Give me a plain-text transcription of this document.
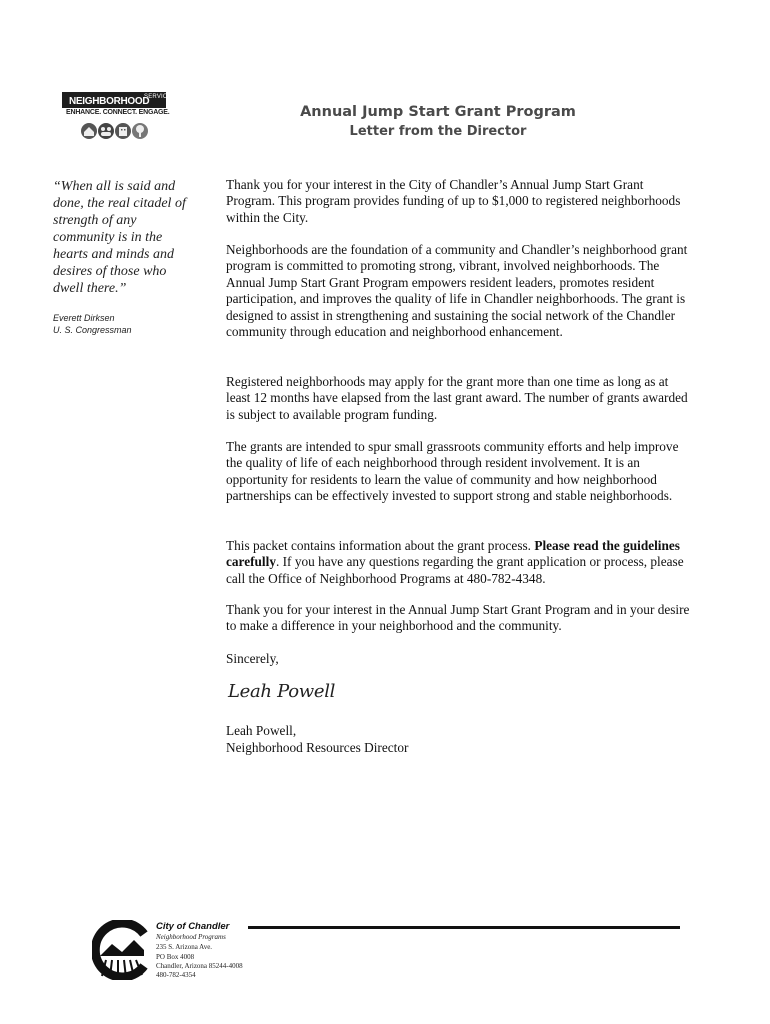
NEIGHBORHOOD
SERVICES
ENHANCE. CONNECT. ENGAGE.	Annual Jump Start Grant Program
Letter from the Director
“When all is said and done, the real citadel of strength of any community is in the hearts and minds and desires of those who dwell there.”
Everett Dirksen
U. S. Congressman

Thank you for your interest in the City of Chandler’s Annual Jump Start Grant Program. This program provides funding of up to $1,000 to registered neighborhoods within the City.

Neighborhoods are the foundation of a community and Chandler’s neighborhood grant program is committed to promoting strong, vibrant, involved neighborhoods. The Annual Jump Start Grant Program empowers resident leaders, promotes resident participation, and improves the quality of life in Chandler neighborhoods. The grant is designed to assist in strengthening and sustaining the social network of the Chandler community through education and neighborhood enhancement.

Registered neighborhoods may apply for the grant more than one time as long as at least 12 months have elapsed from the last grant award. The number of grants awarded is subject to available program funding.

The grants are intended to spur small grassroots community efforts and help improve the quality of life of each neighborhood through resident involvement. It is an opportunity for residents to learn the value of community and how neighborhood partnerships can be effectively invested to support strong and stable neighborhoods.

This packet contains information about the grant process. Please read the guidelines carefully. If you have any questions regarding the grant application or process, please call the Office of Neighborhood Programs at 480-782-4348.

Thank you for your interest in the Annual Jump Start Grant Program and in your desire to make a difference in your neighborhood and the community.

Sincerely,

Leah Powell
Leah Powell,
Neighborhood Resources Director
City of Chandler
Neighborhood Programs
235 S. Arizona Ave.
PO Box 4008
Chandler, Arizona 85244-4008
480-782-4354
